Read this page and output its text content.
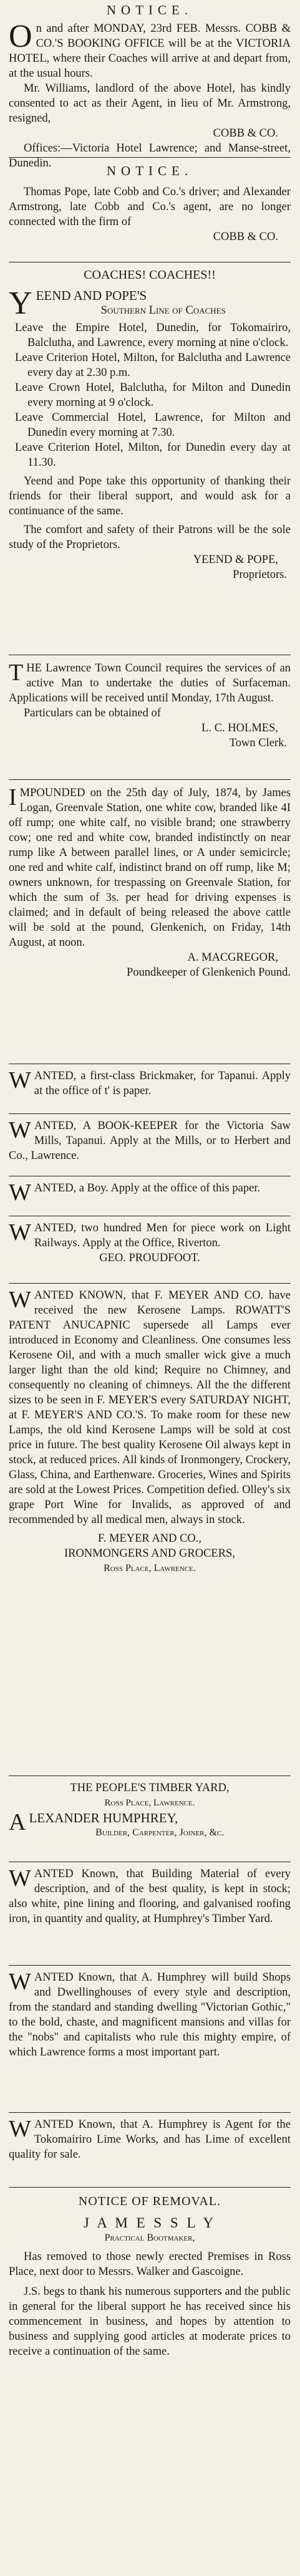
NOTICE.

On and after MONDAY, 23rd FEB. Messrs. COBB & CO.'S BOOKING OFFICE will be at the VICTORIA HOTEL, where their Coaches will arrive at and depart from, at the usual hours.

Mr. Williams, landlord of the above Hotel, has kindly consented to act as their Agent, in lieu of Mr. Armstrong, resigned,

COBB & CO.

Offices:—Victoria Hotel Lawrence; and Manse-street, Dunedin.	NOTICE.

Thomas Pope, late Cobb and Co.'s driver; and Alexander Armstrong, late Cobb and Co.'s agent, are no longer connected with the firm of

COBB & CO.

COACHES! COACHES!!

YEEND AND POPE'S

Southern Line of Coaches

Leave the Empire Hotel, Dunedin, for Tokomairiro, Balclutha, and Lawrence, every morning at nine o'clock.

Leave Criterion Hotel, Milton, for Balclutha and Lawrence every day at 2.30 p.m.

Leave Crown Hotel, Balclutha, for Milton and Dunedin every morning at 9 o'clock.

Leave Commercial Hotel, Lawrence, for Milton and Dunedin every morning at 7.30.

Leave Criterion Hotel, Milton, for Dunedin every day at 11.30.

Yeend and Pope take this opportunity of thanking their friends for their liberal support, and would ask for a continuance of the same.

The comfort and safety of their Patrons will be the sole study of the Proprietors.

YEEND & POPE,

Proprietors.

THE Lawrence Town Council requires the services of an active Man to undertake the duties of Surfaceman. Applications will be received until Monday, 17th August.

Particulars can be obtained of

L. C. HOLMES,

Town Clerk.

IMPOUNDED on the 25th day of July, 1874, by James Logan, Greenvale Station, one white cow, branded like 4I off rump; one white calf, no visible brand; one strawberry cow; one red and white cow, branded indistinctly on near rump like A between parallel lines, or A under semicircle; one red and white calf, indistinct brand on off rump, like M; owners unknown, for trespassing on Greenvale Station, for which the sum of 3s. per head for driving expenses is claimed; and in default of being released the above cattle will be sold at the pound, Glenkenich, on Friday, 14th August, at noon.

A. MACGREGOR,

Poundkeeper of Glenkenich Pound.

WANTED, a first-class Brickmaker, for Tapanui. Apply at the office of t' is paper.

WANTED, A BOOK-KEEPER for the Victoria Saw Mills, Tapanui. Apply at the Mills, or to Herbert and Co., Lawrence.

WANTED, a Boy. Apply at the office of this paper.

WANTED, two hundred Men for piece work on Light Railways. Apply at the Office, Riverton.

GEO. PROUDFOOT.

WANTED KNOWN, that F. MEYER AND CO. have received the new Kerosene Lamps. ROWATT'S PATENT ANUCAPNIC supersede all Lamps ever introduced in Economy and Cleanliness. One consumes less Kerosene Oil, and with a much smaller wick give a much larger light than the old kind; Require no Chimney, and consequently no cleaning of chimneys. All the the different sizes to be seen in F. MEYER'S every SATURDAY NIGHT, at F. MEYER'S AND CO.'S. To make room for these new Lamps, the old kind Kerosene Lamps will be sold at cost price in future. The best quality Kerosene Oil always kept in stock, at reduced prices. All kinds of Ironmongery, Crockery, Glass, China, and Earthenware. Groceries, Wines and Spirits are sold at the Lowest Prices. Competition defied. Olley's six grape Port Wine for Invalids, as approved of and recommended by all medical men, always in stock.

F. MEYER AND CO.,

IRONMONGERS AND GROCERS,

Ross Place, Lawrence.

THE PEOPLE'S TIMBER YARD,

Ross Place, Lawrence.

ALEXANDER HUMPHREY,

Builder, Carpenter, Joiner, &c.

WANTED Known, that Building Material of every description, and of the best quality, is kept in stock; also white, pine lining and flooring, and galvanised roofing iron, in quantity and quality, at Humphrey's Timber Yard.

WANTED Known, that A. Humphrey will build Shops and Dwellinghouses of every style and description, from the standard and standing dwelling "Victorian Gothic," to the bold, chaste, and magnificent mansions and villas for the "nobs" and capitalists who rule this mighty empire, of which Lawrence forms a most important part.

WANTED Known, that A. Humphrey is Agent for the Tokomairiro Lime Works, and has Lime of excellent quality for sale.

NOTICE OF REMOVAL.

J A M E S S L Y

Practical Bootmaker,

Has removed to those newly erected Premises in Ross Place, next door to Messrs. Walker and Gascoigne.

J.S. begs to thank his numerous supporters and the public in general for the liberal support he has received since his commencement in business, and hopes by attention to business and supplying good articles at moderate prices to receive a continuation of the same.
